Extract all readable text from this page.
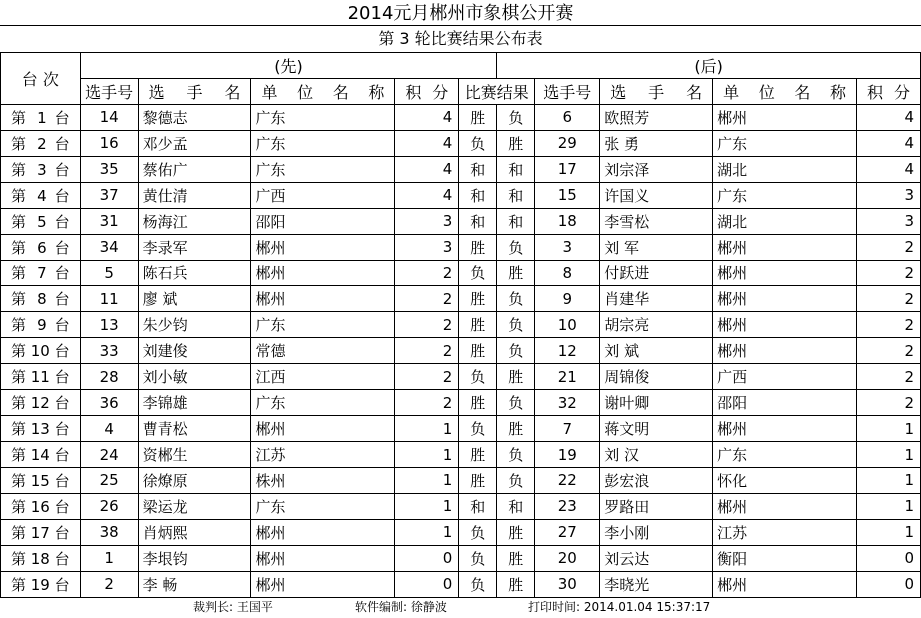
2014元月郴州市象棋公开赛
第 3 轮比赛结果公布表
台 次	(先)					(后)				
	选手号	选 手 名	单 位 名 称	积 分	比赛结果		选手号	选 手 名	单 位 名 称	积 分
第 1 台	14	黎德志	广东	4	胜	负	6	欧照芳	郴州	4
第 2 台	16	邓少孟	广东	4	负	胜	29	张 勇	广东	4
第 3 台	35	蔡佑广	广东	4	和	和	17	刘宗泽	湖北	4
第 4 台	37	黄仕清	广西	4	和	和	15	许国义	广东	3
第 5 台	31	杨海江	邵阳	3	和	和	18	李雪松	湖北	3
第 6 台	34	李录军	郴州	3	胜	负	3	刘 军	郴州	2
第 7 台	5	陈石兵	郴州	2	负	胜	8	付跃进	郴州	2
第 8 台	11	廖 斌	郴州	2	胜	负	9	肖建华	郴州	2
第 9 台	13	朱少钧	广东	2	胜	负	10	胡宗亮	郴州	2
第 10 台	33	刘建俊	常德	2	胜	负	12	刘 斌	郴州	2
第 11 台	28	刘小敏	江西	2	负	胜	21	周锦俊	广西	2
第 12 台	36	李锦雄	广东	2	胜	负	32	谢叶卿	邵阳	2
第 13 台	4	曹青松	郴州	1	负	胜	7	蒋文明	郴州	1
第 14 台	24	资郴生	江苏	1	胜	负	19	刘 汉	广东	1
第 15 台	25	徐燎原	株州	1	胜	负	22	彭宏浪	怀化	1
第 16 台	26	梁运龙	广东	1	和	和	23	罗路田	郴州	1
第 17 台	38	肖炳熙	郴州	1	负	胜	27	李小刚	江苏	1
第 18 台	1	李垠钧	郴州	0	负	胜	20	刘云达	衡阳	0
第 19 台	2	李 畅	郴州	0	负	胜	30	李晓光	郴州	0
裁判长: 王国平	软件编制: 徐静波	打印时间: 2014.01.04 15:37:17
